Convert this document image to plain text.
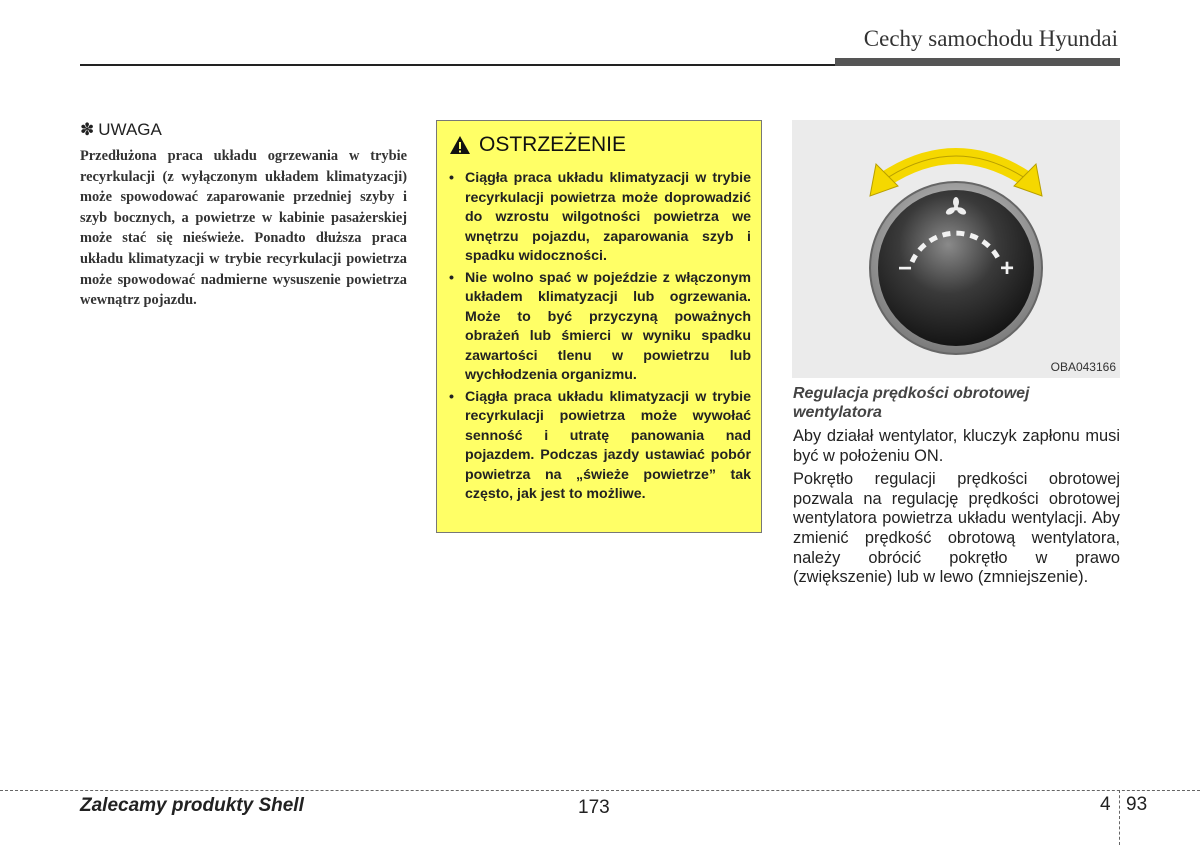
Cechy samochodu Hyundai
✽ UWAGA

Przedłużona praca układu ogrzewania w trybie recyrkulacji (z wyłączonym układem klimatyzacji) może spowodować zaparowanie przedniej szyby i szyb bocznych, a powietrze w kabinie pasażerskiej może stać się nieświeże. Ponadto dłuższa praca układu klimatyzacji w trybie recyrkulacji powietrza może spowodować nadmierne wysuszenie powietrza wewnątrz pojazdu.

OSTRZEŻENIE
• Ciągła praca układu klimatyzacji w trybie recyrkulacji powietrza może doprowadzić do wzrostu wilgotności powietrza we wnętrzu pojazdu, zaparowania szyb i spadku widoczności.
• Nie wolno spać w pojeździe z włączonym układem klimatyzacji lub ogrzewania. Może to być przyczyną poważnych obrażeń lub śmierci w wyniku spadku zawartości tlenu w powietrzu lub wychłodzenia organizmu.
• Ciągła praca układu klimatyzacji w trybie recyrkulacji powietrza może wywołać senność i utratę panowania nad pojazdem. Podczas jazdy ustawiać pobór powietrza na „świeże powietrze” tak często, jak jest to możliwe.
−	+
OBA043166
Regulacja prędkości obrotowej wentylatora

Aby działał wentylator, kluczyk zapłonu musi być w położeniu ON.

Pokrętło regulacji prędkości obrotowej pozwala na regulację prędkości obrotowej wentylatora powietrza układu wentylacji. Aby zmienić prędkość obrotową wentylatora, należy obrócić pokrętło w prawo (zwiększenie) lub w lewo (zmniejszenie).

Zalecamy produkty Shell	173	4 93
